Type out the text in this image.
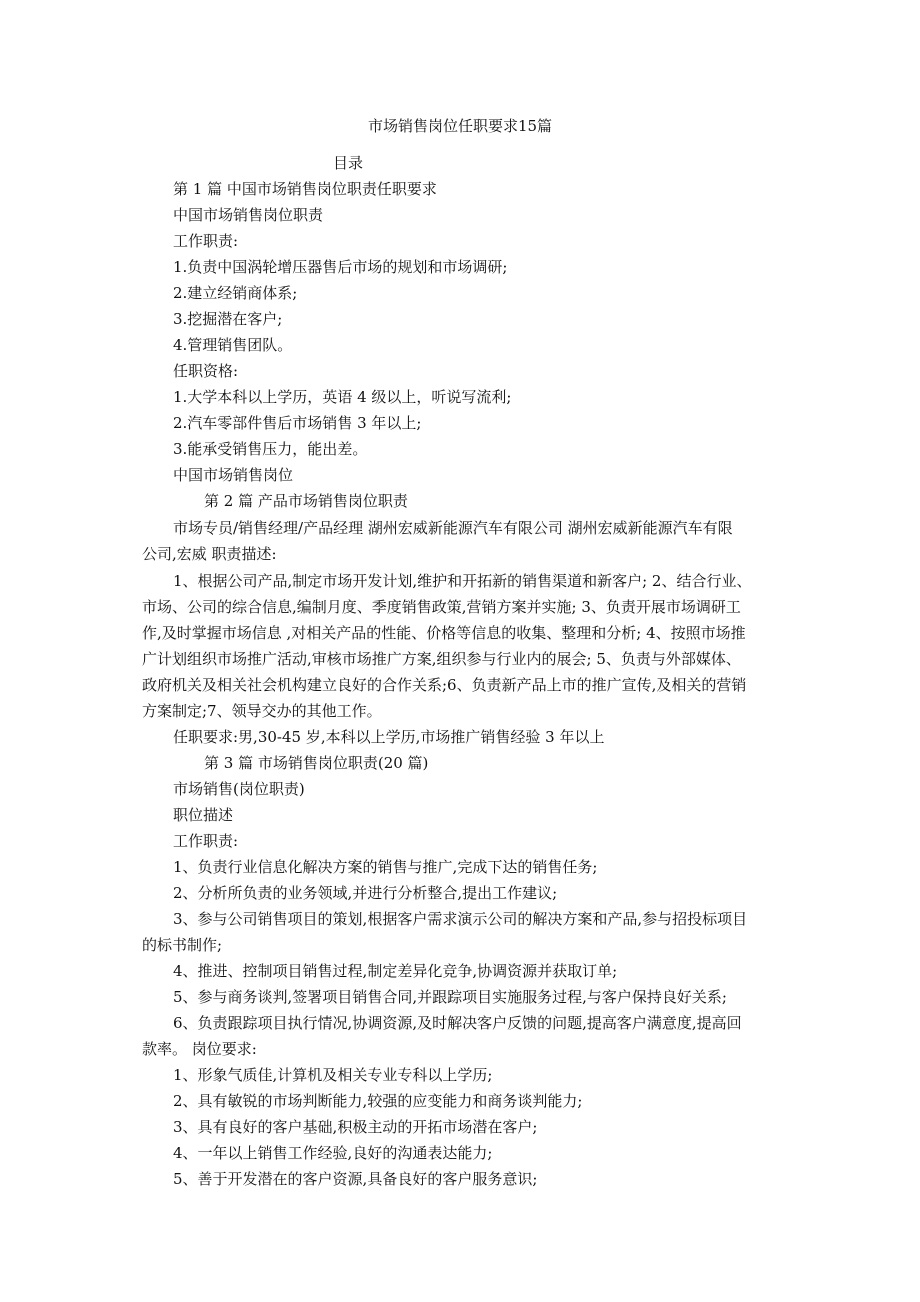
市场销售岗位任职要求15篇
目录
第 1 篇 中国市场销售岗位职责任职要求
中国市场销售岗位职责
工作职责:
1.负责中国涡轮增压器售后市场的规划和市场调研;
2.建立经销商体系;
3.挖掘潜在客户;
4.管理销售团队。
任职资格:
1.大学本科以上学历，英语 4 级以上，听说写流利;
2.汽车零部件售后市场销售 3 年以上;
3.能承受销售压力，能出差。
中国市场销售岗位
第 2 篇 产品市场销售岗位职责
市场专员/销售经理/产品经理 湖州宏威新能源汽车有限公司 湖州宏威新能源汽车有限
公司,宏威 职责描述:
1、根据公司产品,制定市场开发计划,维护和开拓新的销售渠道和新客户; 2、结合行业、
市场、公司的综合信息,编制月度、季度销售政策,营销方案并实施; 3、负责开展市场调研工
作,及时掌握市场信息 ,对相关产品的性能、价格等信息的收集、整理和分析; 4、按照市场推
广计划组织市场推广活动,审核市场推广方案,组织参与行业内的展会; 5、负责与外部媒体、
政府机关及相关社会机构建立良好的合作关系;6、负责新产品上市的推广宣传,及相关的营销
方案制定;7、领导交办的其他工作。
任职要求:男,30-45 岁,本科以上学历,市场推广销售经验 3 年以上
第 3 篇 市场销售岗位职责(20 篇)
市场销售(岗位职责)
职位描述
工作职责:
1、负责行业信息化解决方案的销售与推广,完成下达的销售任务;
2、分析所负责的业务领域,并进行分析整合,提出工作建议;
3、参与公司销售项目的策划,根据客户需求演示公司的解决方案和产品,参与招投标项目
的标书制作;
4、推进、控制项目销售过程,制定差异化竞争,协调资源并获取订单;
5、参与商务谈判,签署项目销售合同,并跟踪项目实施服务过程,与客户保持良好关系;
6、负责跟踪项目执行情况,协调资源,及时解决客户反馈的问题,提高客户满意度,提高回
款率。 岗位要求:
1、形象气质佳,计算机及相关专业专科以上学历;
2、具有敏锐的市场判断能力,较强的应变能力和商务谈判能力;
3、具有良好的客户基础,积极主动的开拓市场潜在客户;
4、一年以上销售工作经验,良好的沟通表达能力;
5、善于开发潜在的客户资源,具备良好的客户服务意识;
